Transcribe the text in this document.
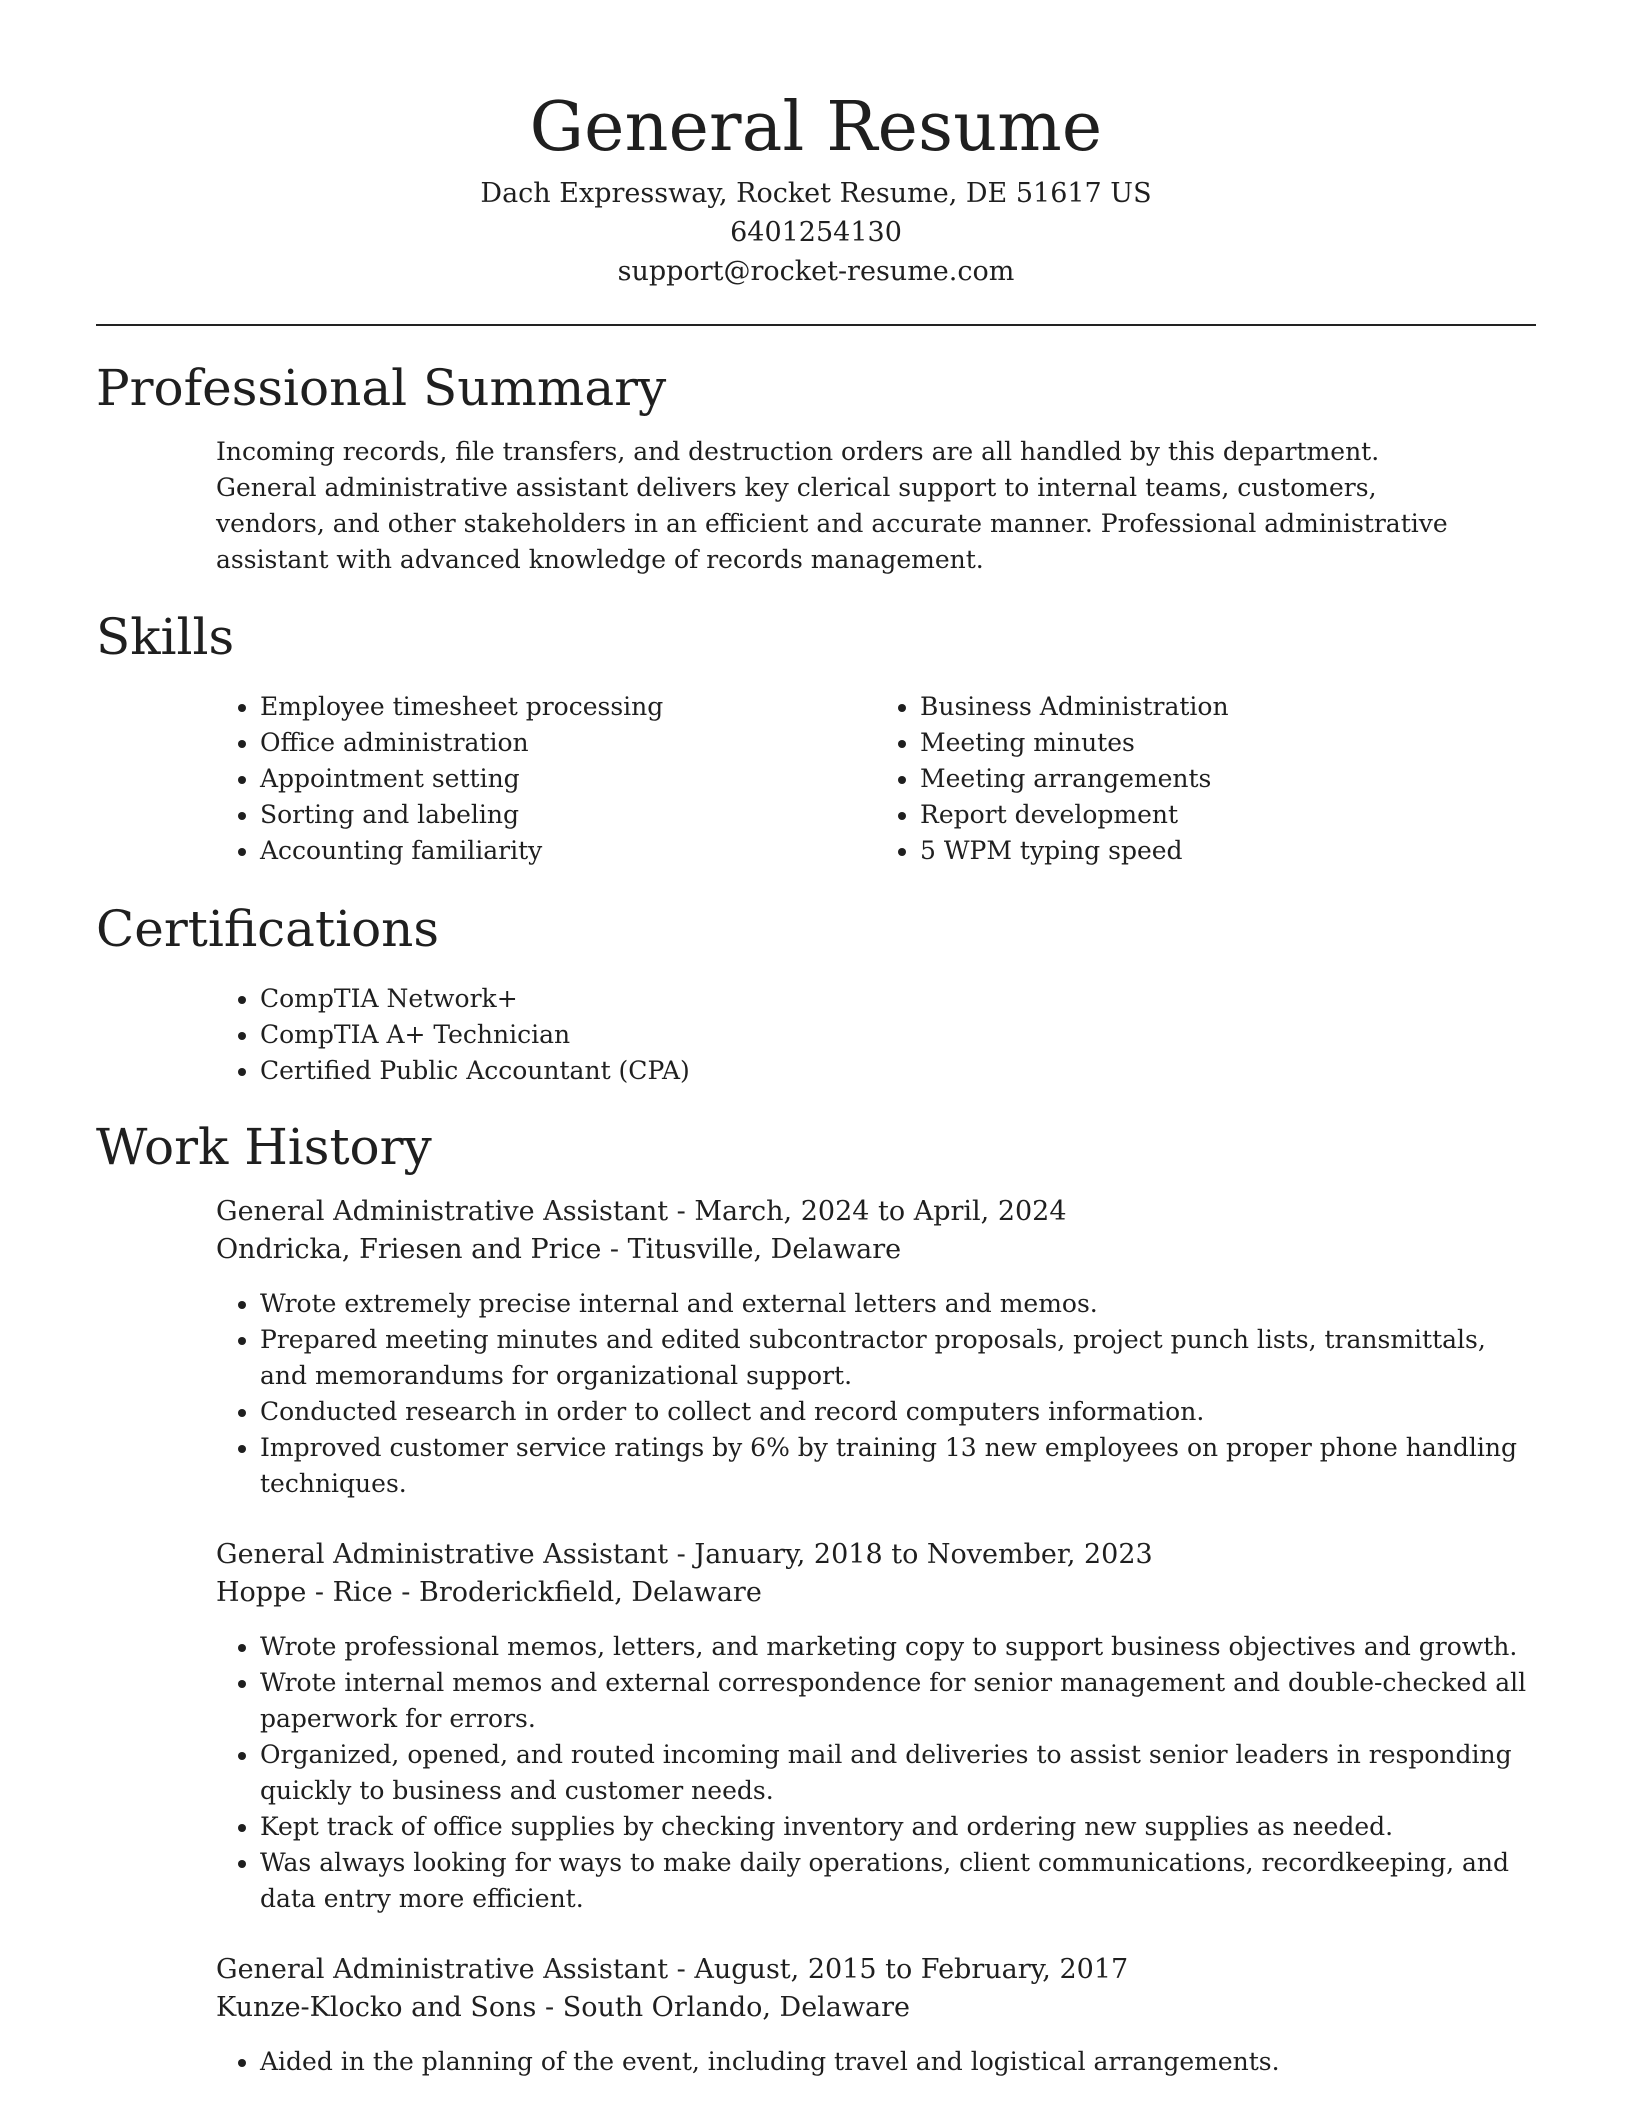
General Resume

Dach Expressway, Rocket Resume, DE 51617 US

6401254130

support@rocket-resume.com

Professional Summary

Incoming records, file transfers, and destruction orders are all handled by this department. General administrative assistant delivers key clerical support to internal teams, customers, vendors, and other stakeholders in an efficient and accurate manner. Professional administrative assistant with advanced knowledge of records management.

Skills
• Employee timesheet processing
• Office administration
• Appointment setting
• Sorting and labeling
• Accounting familiarity
• Business Administration
• Meeting minutes
• Meeting arrangements
• Report development
• 5 WPM typing speed
Certifications
• CompTIA Network+
• CompTIA A+ Technician
• Certified Public Accountant (CPA)
Work History

General Administrative Assistant - March, 2024 to April, 2024

Ondricka, Friesen and Price - Titusville, Delaware

• Wrote extremely precise internal and external letters and memos.
• Prepared meeting minutes and edited subcontractor proposals, project punch lists, transmittals, and memorandums for organizational support.
• Conducted research in order to collect and record computers information.
• Improved customer service ratings by 6% by training 13 new employees on proper phone handling techniques.

General Administrative Assistant - January, 2018 to November, 2023

Hoppe - Rice - Broderickfield, Delaware

• Wrote professional memos, letters, and marketing copy to support business objectives and growth.
• Wrote internal memos and external correspondence for senior management and double-checked all paperwork for errors.
• Organized, opened, and routed incoming mail and deliveries to assist senior leaders in responding quickly to business and customer needs.
• Kept track of office supplies by checking inventory and ordering new supplies as needed.
• Was always looking for ways to make daily operations, client communications, recordkeeping, and data entry more efficient.

General Administrative Assistant - August, 2015 to February, 2017

Kunze-Klocko and Sons - South Orlando, Delaware

• Aided in the planning of the event, including travel and logistical arrangements.
